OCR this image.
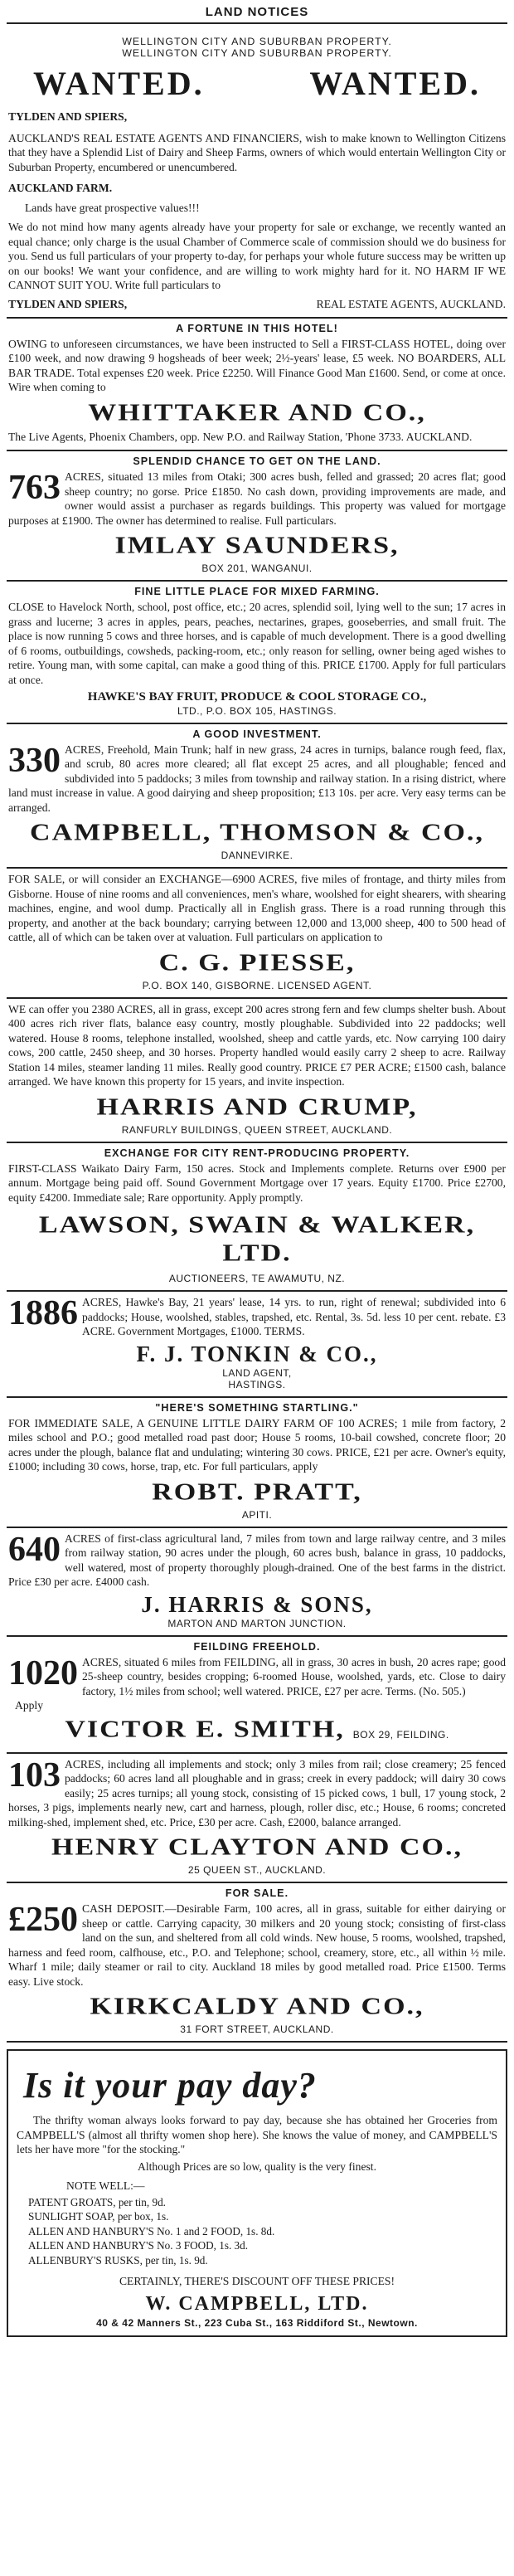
LAND NOTICES

WELLINGTON CITY AND SUBURBAN PROPERTY.

WELLINGTON CITY AND SUBURBAN PROPERTY.

WANTED.	WANTED.

TYLDEN AND SPIERS,

AUCKLAND'S REAL ESTATE AGENTS AND FINANCIERS, wish to make known to Wellington Citizens that they have a Splendid List of Dairy and Sheep Farms, owners of which would entertain Wellington City or Suburban Property, encumbered or unencumbered.

AUCKLAND FARM.

Lands have great prospective values!!!

We do not mind how many agents already have your property for sale or exchange, we recently wanted an equal chance; only charge is the usual Chamber of Commerce scale of commission should we do business for you. Send us full particulars of your property to-day, for perhaps your whole future success may be written up on our books! We want your confidence, and are willing to work mighty hard for it. NO HARM IF WE CANNOT SUIT YOU. Write full particulars to

TYLDEN AND SPIERS,	REAL ESTATE AGENTS, AUCKLAND.

A FORTUNE IN THIS HOTEL!

OWING to unforeseen circumstances, we have been instructed to Sell a FIRST-CLASS HOTEL, doing over £100 week, and now drawing 9 hogsheads of beer week; 2½-years' lease, £5 week. NO BOARDERS, ALL BAR TRADE. Total expenses £20 week. Price £2250. Will Finance Good Man £1600. Send, or come at once. Wire when coming to

WHITTAKER AND CO.,

The Live Agents, Phoenix Chambers, opp. New P.O. and Railway Station, 'Phone 3733. AUCKLAND.

SPLENDID CHANCE TO GET ON THE LAND.

763 ACRES, situated 13 miles from Otaki; 300 acres bush, felled and grassed; 20 acres flat; good sheep country; no gorse. Price £1850. No cash down, providing improvements are made, and owner would assist a purchaser as regards buildings. This property was valued for mortgage purposes at £1900. The owner has determined to realise. Full particulars.

IMLAY SAUNDERS,

BOX 201, WANGANUI.

FINE LITTLE PLACE FOR MIXED FARMING.

CLOSE to Havelock North, school, post office, etc.; 20 acres, splendid soil, lying well to the sun; 17 acres in grass and lucerne; 3 acres in apples, pears, peaches, nectarines, grapes, gooseberries, and small fruit. The place is now running 5 cows and three horses, and is capable of much development. There is a good dwelling of 6 rooms, outbuildings, cowsheds, packing-room, etc.; only reason for selling, owner being aged wishes to retire. Young man, with some capital, can make a good thing of this. PRICE £1700. Apply for full particulars at once.

HAWKE'S BAY FRUIT, PRODUCE & COOL STORAGE CO.,

LTD., P.O. BOX 105, HASTINGS.

A GOOD INVESTMENT.

330 ACRES, Freehold, Main Trunk; half in new grass, 24 acres in turnips, balance rough feed, flax, and scrub, 80 acres more cleared; all flat except 25 acres, and all ploughable; fenced and subdivided into 5 paddocks; 3 miles from township and railway station. In a rising district, where land must increase in value. A good dairying and sheep proposition; £13 10s. per acre. Very easy terms can be arranged.

CAMPBELL, THOMSON & CO.,

DANNEVIRKE.

FOR SALE, or will consider an EXCHANGE—6900 ACRES, five miles of frontage, and thirty miles from Gisborne. House of nine rooms and all conveniences, men's whare, woolshed for eight shearers, with shearing machines, engine, and wool dump. Practically all in English grass. There is a road running through this property, and another at the back boundary; carrying between 12,000 and 13,000 sheep, 400 to 500 head of cattle, all of which can be taken over at valuation. Full particulars on application to

C. G. PIESSE,

P.O. BOX 140, GISBORNE. LICENSED AGENT.

WE can offer you 2380 ACRES, all in grass, except 200 acres strong fern and few clumps shelter bush. About 400 acres rich river flats, balance easy country, mostly ploughable. Subdivided into 22 paddocks; well watered. House 8 rooms, telephone installed, woolshed, sheep and cattle yards, etc. Now carrying 100 dairy cows, 200 cattle, 2450 sheep, and 30 horses. Property handled would easily carry 2 sheep to acre. Railway Station 14 miles, steamer landing 11 miles. Really good country. PRICE £7 PER ACRE; £1500 cash, balance arranged. We have known this property for 15 years, and invite inspection.

HARRIS AND CRUMP,

RANFURLY BUILDINGS, QUEEN STREET, AUCKLAND.

EXCHANGE FOR CITY RENT-PRODUCING PROPERTY.

FIRST-CLASS Waikato Dairy Farm, 150 acres. Stock and Implements complete. Returns over £900 per annum. Mortgage being paid off. Sound Government Mortgage over 17 years. Equity £1700. Price £2700, equity £4200. Immediate sale; Rare opportunity. Apply promptly.

LAWSON, SWAIN & WALKER, LTD.

AUCTIONEERS, TE AWAMUTU, NZ.

1886 ACRES, Hawke's Bay, 21 years' lease, 14 yrs. to run, right of renewal; subdivided into 6 paddocks; House, woolshed, stables, trapshed, etc. Rental, 3s. 5d. less 10 per cent. rebate. £3 ACRE. Government Mortgages, £1000. TERMS.

F. J. TONKIN & CO.,

LAND AGENT,

HASTINGS.

"HERE'S SOMETHING STARTLING."

FOR IMMEDIATE SALE, A GENUINE LITTLE DAIRY FARM OF 100 ACRES; 1 mile from factory, 2 miles school and P.O.; good metalled road past door; House 5 rooms, 10-bail cowshed, concrete floor; 20 acres under the plough, balance flat and undulating; wintering 30 cows. PRICE, £21 per acre. Owner's equity, £1000; including 30 cows, horse, trap, etc. For full particulars, apply

ROBT. PRATT,

APITI.

640 ACRES of first-class agricultural land, 7 miles from town and large railway centre, and 3 miles from railway station, 90 acres under the plough, 60 acres bush, balance in grass, 10 paddocks, well watered, most of property thoroughly plough-drained. One of the best farms in the district. Price £30 per acre. £4000 cash.

J. HARRIS & SONS,

MARTON AND MARTON JUNCTION.

FEILDING FREEHOLD.

1020 ACRES, situated 6 miles from FEILDING, all in grass, 30 acres in bush, 20 acres rape; good 25-sheep country, besides cropping; 6-roomed House, woolshed, yards, etc. Close to dairy factory, 1½ miles from school; well watered. PRICE, £27 per acre. Terms. (No. 505.)

Apply

VICTOR E. SMITH, BOX 29, FEILDING.
103 ACRES, including all implements and stock; only 3 miles from rail; close creamery; 25 fenced paddocks; 60 acres land all ploughable and in grass; creek in every paddock; will dairy 30 cows easily; 25 acres turnips; all young stock, consisting of 15 picked cows, 1 bull, 17 young stock, 2 horses, 3 pigs, implements nearly new, cart and harness, plough, roller disc, etc.; House, 6 rooms; concreted milking-shed, implement shed, etc. Price, £30 per acre. Cash, £2000, balance arranged.

HENRY CLAYTON AND CO.,

25 QUEEN ST., AUCKLAND.

FOR SALE.

£250 CASH DEPOSIT.—Desirable Farm, 100 acres, all in grass, suitable for either dairying or sheep or cattle. Carrying capacity, 30 milkers and 20 young stock; consisting of first-class land on the sun, and sheltered from all cold winds. New house, 5 rooms, woolshed, trapshed, harness and feed room, calfhouse, etc., P.O. and Telephone; school, creamery, store, etc., all within ½ mile. Wharf 1 mile; daily steamer or rail to city. Auckland 18 miles by good metalled road. Price £1500. Terms easy. Live stock.

KIRKCALDY AND CO.,

31 FORT STREET, AUCKLAND.

Is it your pay day?

The thrifty woman always looks forward to pay day, because she has obtained her Groceries from CAMPBELL'S (almost all thrifty women shop here). She knows the value of money, and CAMPBELL'S lets her have more "for the stocking."

Although Prices are so low, quality is the very finest.

NOTE WELL:—

PATENT GROATS, per tin, 9d.
SUNLIGHT SOAP, per box, 1s.
ALLEN AND HANBURY'S No. 1 and 2 FOOD, 1s. 8d.
ALLEN AND HANBURY'S No. 3 FOOD, 1s. 3d.
ALLENBURY'S RUSKS, per tin, 1s. 9d.

CERTAINLY, THERE'S DISCOUNT OFF THESE PRICES!

W. CAMPBELL, LTD.

40 & 42 Manners St., 223 Cuba St., 163 Riddiford St., Newtown.
